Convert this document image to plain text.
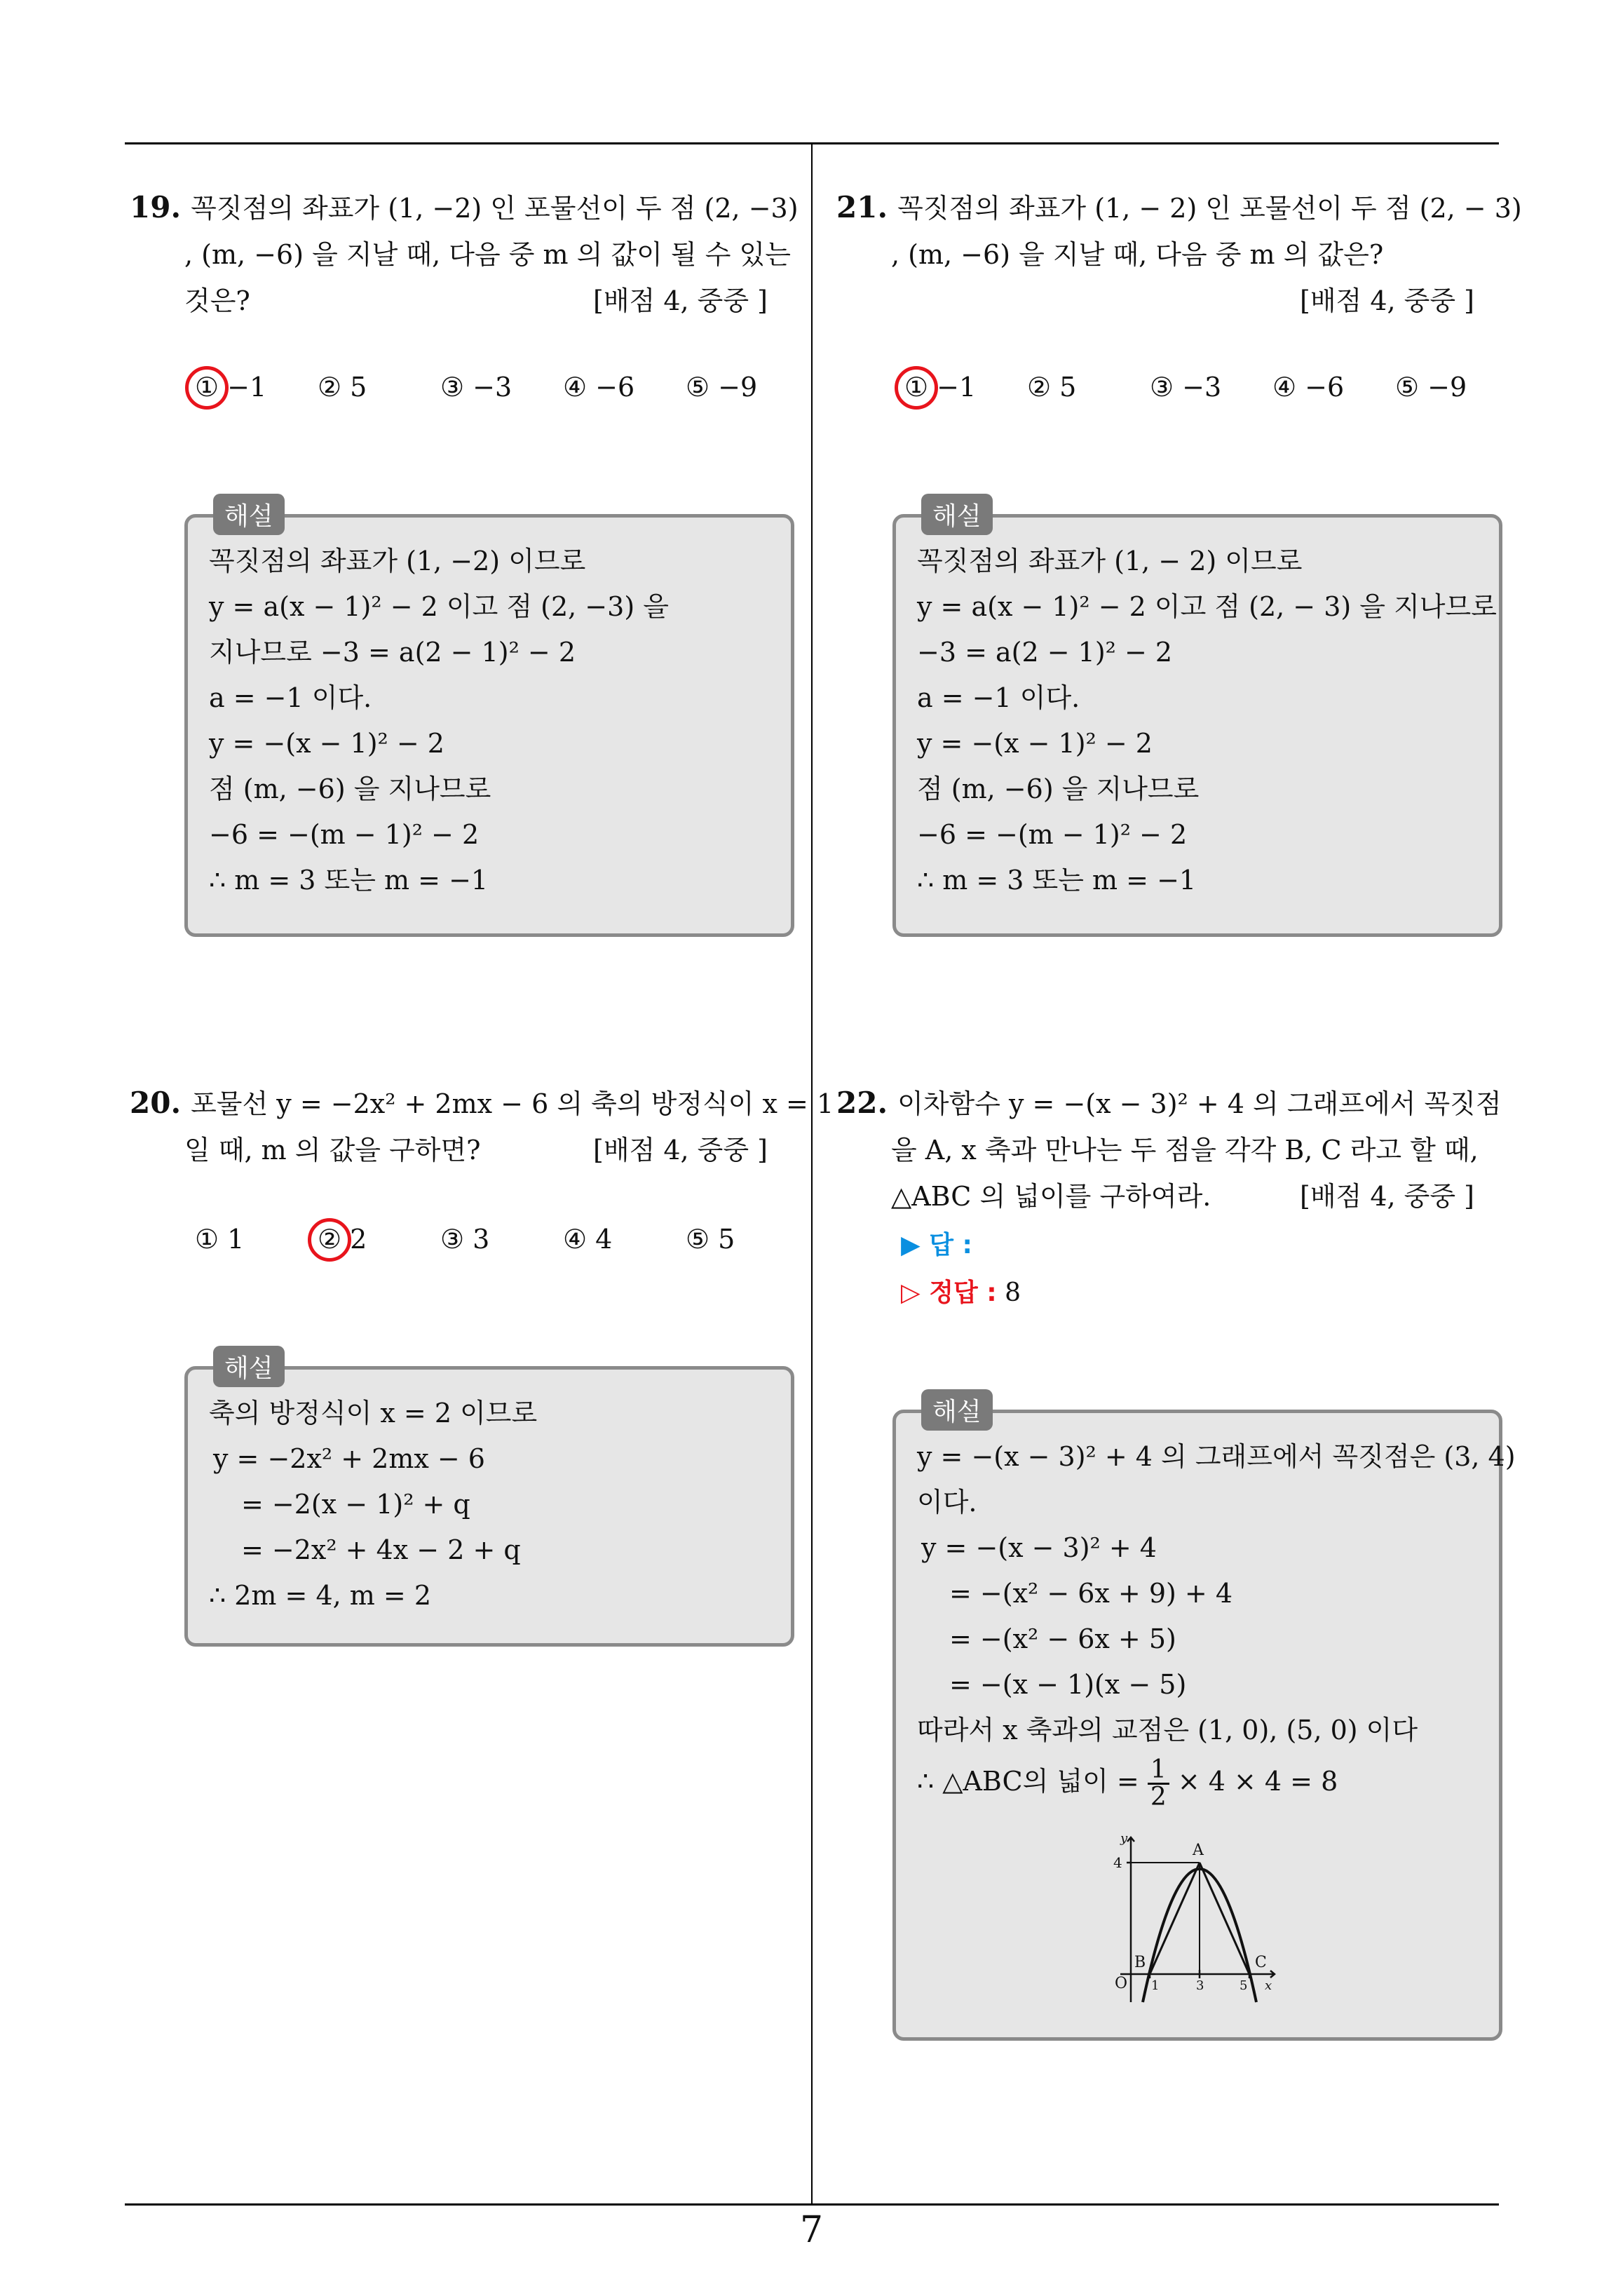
19. 꼭짓점의 좌표가 (1, −2) 인 포물선이 두 점 (2, −3)
, (m, −6) 을 지날 때, 다음 중 m 의 값이 될 수 있는
것은?	[배점 4, 중중 ]
① −1 ② 5	③ −3 ④ −6 ⑤ −9
해설
꼭짓점의 좌표가 (1, −2) 이므로
y = a(x − 1)² − 2 이고 점 (2, −3) 을
지나므로 −3 = a(2 − 1)² − 2
a = −1 이다.
y = −(x − 1)² − 2
점 (m, −6) 을 지나므로
−6 = −(m − 1)² − 2
∴ m = 3 또는 m = −1
20. 포물선 y = −2x² + 2mx − 6 의 축의 방정식이 x = 1
일 때, m 의 값을 구하면?	[배점 4, 중중 ]
① 1	② 2	③ 3	④ 4	⑤ 5
해설
축의 방정식이 x = 2 이므로
y = −2x² + 2mx − 6
= −2(x − 1)² + q
= −2x² + 4x − 2 + q
∴ 2m = 4, m = 2
21. 꼭짓점의 좌표가 (1, − 2) 인 포물선이 두 점 (2, − 3)
, (m, −6) 을 지날 때, 다음 중 m 의 값은?
[배점 4, 중중 ]
① −1 ② 5	③ −3 ④ −6 ⑤ −9
해설
꼭짓점의 좌표가 (1, − 2) 이므로
y = a(x − 1)² − 2 이고 점 (2, − 3) 을 지나므로
−3 = a(2 − 1)² − 2
a = −1 이다.
y = −(x − 1)² − 2
점 (m, −6) 을 지나므로
−6 = −(m − 1)² − 2
∴ m = 3 또는 m = −1
22. 이차함수 y = −(x − 3)² + 4 의 그래프에서 꼭짓점
을 A, x 축과 만나는 두 점을 각각 B, C 라고 할 때,
△ABC 의 넓이를 구하여라.	[배점 4, 중중 ]
▶ 답 :
▷ 정답 : 8
해설
y = −(x − 3)² + 4 의 그래프에서 꼭짓점은 (3, 4)
이다.
y = −(x − 3)² + 4
= −(x² − 6x + 9) + 4
= −(x² − 6x + 5)
= −(x − 1)(x − 5)
따라서 x 축과의 교점은 (1, 0), (5, 0) 이다
∴ △ABC의 넓이 = $\frac{1}{2} \times 4 \times 4 = 8$
y
4
O 1	3	5 x
A
B	C
7
